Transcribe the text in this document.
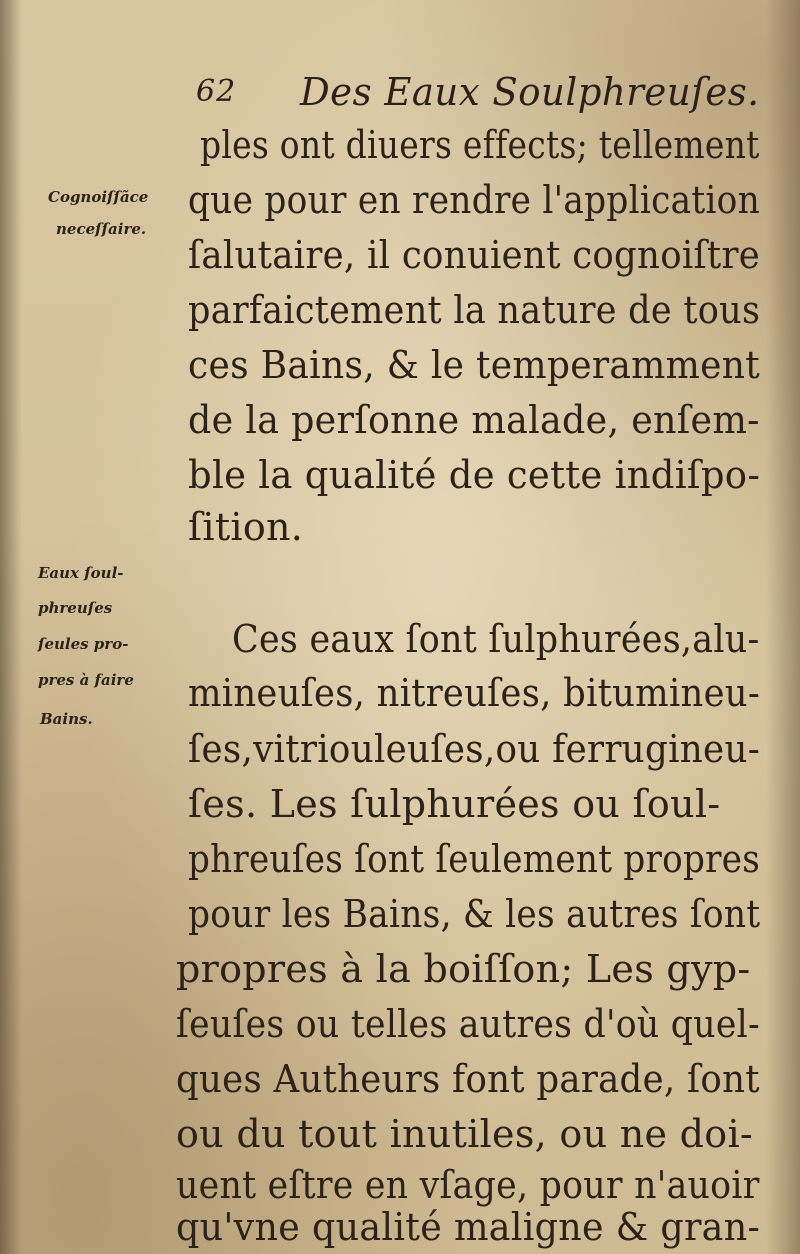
62 Des Eaux Soulphreuſes.
Cognoiſſãce
neceſſaire.
Eaux ſoul-
phreuſes
ſeules pro-
pres à faire
Bains.
ples ont diuers effects; tellement
que pour en rendre l'application
ſalutaire, il conuient cognoiſtre
parfaictement la nature de tous
ces Bains, & le temperamment
de la perſonne malade, enſem-
ble la qualité de cette indiſpo-
ſition.
Ces eaux ſont ſulphurées,alu-
mineuſes, nitreuſes, bitumineu-
ſes,vitriouleuſes,ou ferrugineu-
ſes. Les ſulphurées ou ſoul-
phreuſes ſont ſeulement propres
pour les Bains, & les autres ſont
propres à la boiſſon; Les gyp-
ſeuſes ou telles autres d'où quel-
ques Autheurs font parade, ſont
ou du tout inutiles, ou ne doi-
uent eſtre en vſage, pour n'auoir
qu'vne qualité maligne & gran-
